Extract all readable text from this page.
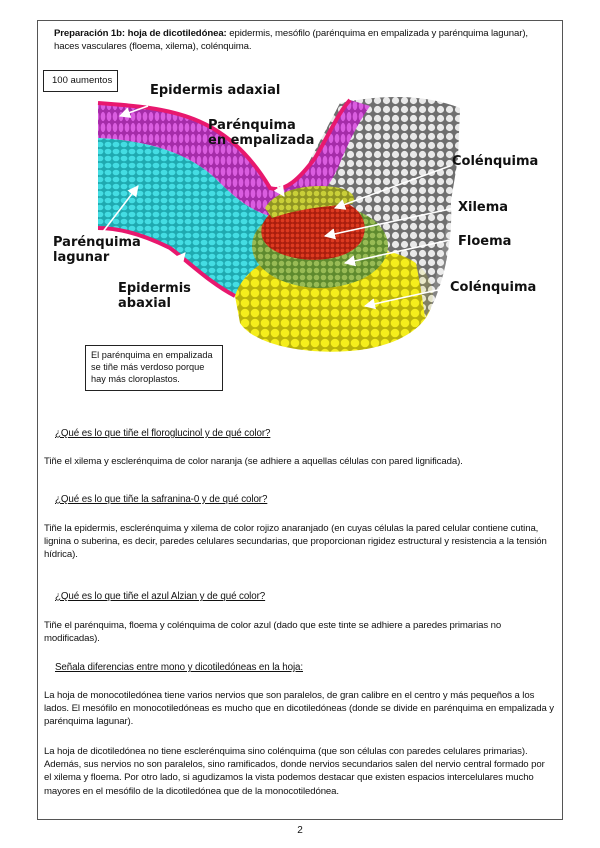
Preparación 1b: hoja de dicotiledónea: epidermis, mesófilo (parénquima en empalizada y parénquima lagunar), haces vasculares (floema, xilema), colénquima.
Epidermis adaxial
Parénquima
en empalizada
Colénquima
Xilema
Floema
Parénquima
lagunar
Epidermis
abaxial
Colénquima
100 aumentos
El parénquima en empalizada se tiñe más verdoso porque hay más cloroplastos.
¿Qué es lo que tiñe el floroglucinol y de qué color?
Tiñe el xilema y esclerénquima de color naranja (se adhiere a aquellas células con pared lignificada).
¿Qué es lo que tiñe la safranina-0 y de qué color?
Tiñe la epidermis, esclerénquima y xilema de color rojizo anaranjado (en cuyas células la pared celular contiene cutina, lignina o suberina, es decir, paredes celulares secundarias, que proporcionan rigidez estructural y resistencia a la tensión hídrica).
¿Qué es lo que tiñe el azul Alzian y de qué color?
Tiñe el parénquima, floema y colénquima de color azul (dado que este tinte se adhiere a paredes primarias no modificadas).
Señala diferencias entre mono y dicotiledóneas en la hoja:
La hoja de monocotiledónea tiene varios nervios que son paralelos, de gran calibre en el centro y más pequeños a los lados. El mesófilo en monocotiledóneas es mucho que en dicotiledóneas (donde se divide en parénquima en empalizada y parénquima lagunar).
La hoja de dicotiledónea no tiene esclerénquima sino colénquima (que son células con paredes celulares primarias). Además, sus nervios no son paralelos, sino ramificados, donde nervios secundarios salen del nervio central formado por el xilema y floema. Por otro lado, si agudizamos la vista podemos destacar que existen espacios intercelulares mucho mayores en el mesófilo de la dicotiledónea que de la monocotiledónea.
2
